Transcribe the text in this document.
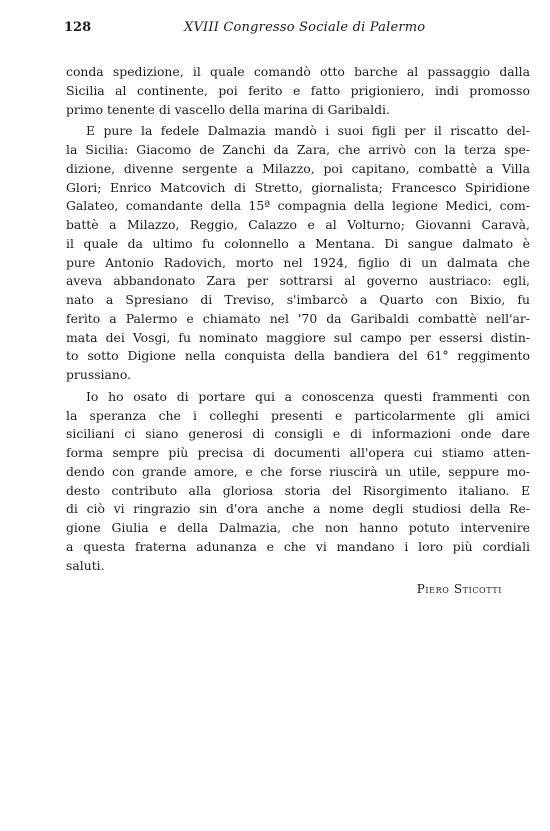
128	XVIII Congresso Sociale di Palermo

conda spedizione, il quale comandò otto barche al passaggio dalla
Sicilia al continente, poi ferito e fatto prigioniero, indi promosso
primo tenente di vascello della marina di Garibaldi.

E pure la fedele Dalmazia mandò i suoi figli per il riscatto del-
la Sicilia: Giacomo de Zanchi da Zara, che arrivò con la terza spe-
dizione, divenne sergente a Milazzo, poi capitano, combattè a Villa
Glori; Enrico Matcovich di Stretto, giornalista; Francesco Spiridione
Galateo, comandante della 15ª compagnia della legione Medici, com-
battè a Milazzo, Reggio, Calazzo e al Volturno; Giovanni Caravà,
il quale da ultimo fu colonnello a Mentana. Di sangue dalmato è
pure Antonio Radovich, morto nel 1924, figlio di un dalmata che
aveva abbandonato Zara per sottrarsi al governo austriaco: egli,
nato a Spresiano di Treviso, s'imbarcò a Quarto con Bixio, fu
ferito a Palermo e chiamato nel '70 da Garibaldi combattè nell'ar-
mata dei Vosgi, fu nominato maggiore sul campo per essersi distin-
to sotto Digione nella conquista della bandiera del 61° reggimento
prussiano.

Io ho osato di portare qui a conoscenza questi frammenti con
la speranza che i colleghi presenti e particolarmente gli amici
siciliani ci siano generosi di consigli e di informazioni onde dare
forma sempre più precisa di documenti all'opera cui stiamo atten-
dendo con grande amore, e che forse riuscirà un utile, seppure mo-
desto contributo alla gloriosa storia del Risorgimento italiano. E
di ciò vi ringrazio sin d'ora anche a nome degli studiosi della Re-
gione Giulia e della Dalmazia, che non hanno potuto intervenire
a questa fraterna adunanza e che vi mandano i loro più cordiali
saluti.

Piero Sticotti
